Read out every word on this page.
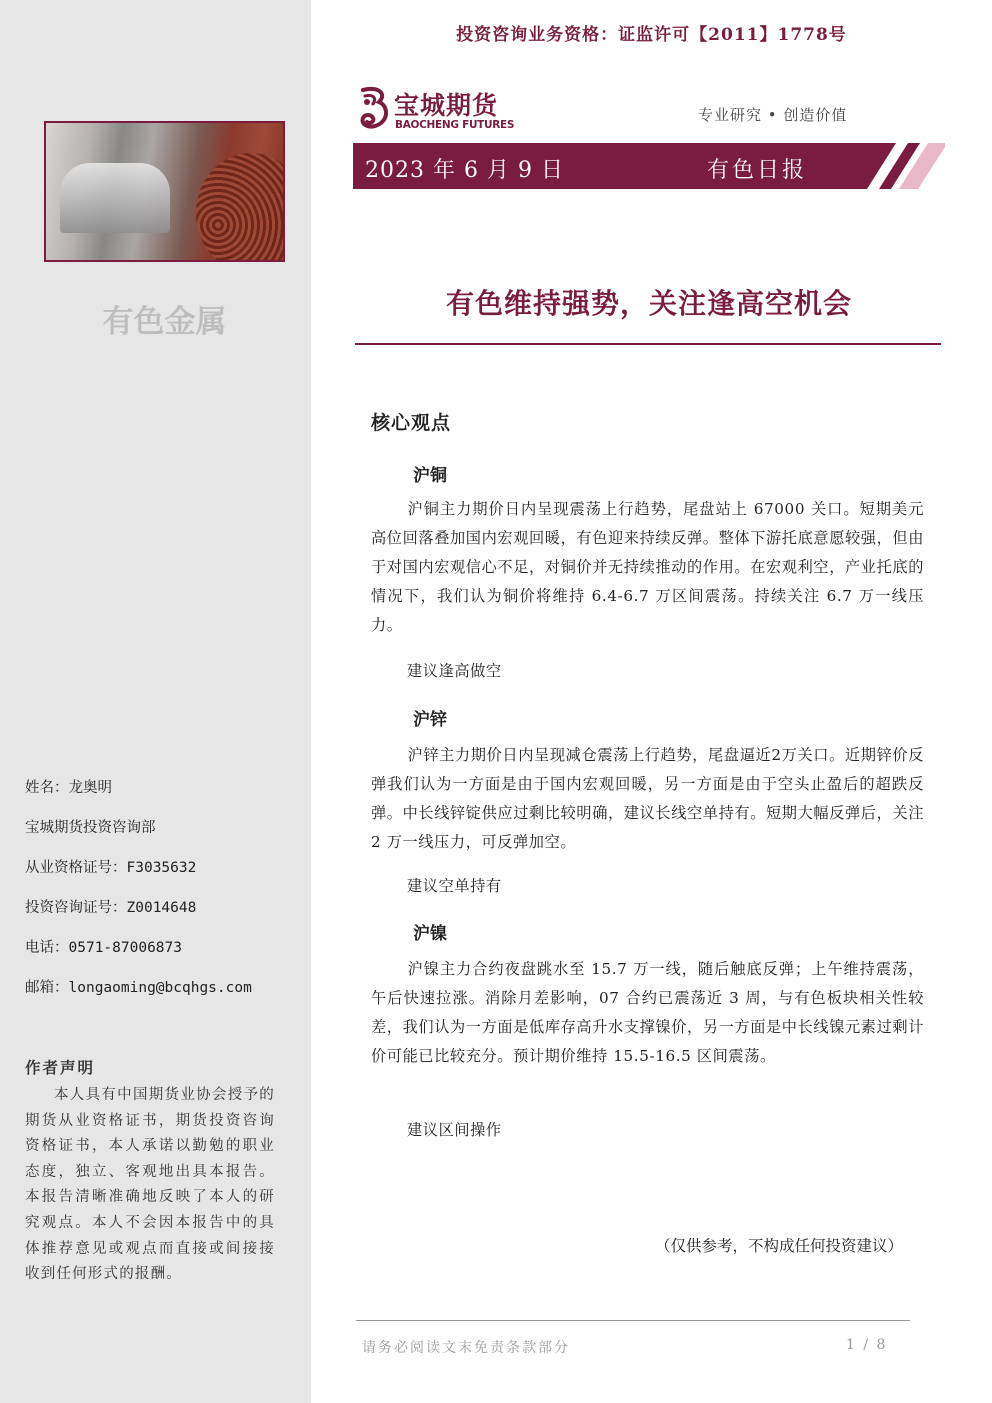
有色金属
姓名：龙奥明
宝城期货投资咨询部
从业资格证号：F3035632
投资咨询证号：Z0014648
电话：0571-87006873
邮箱：longaoming@bcqhgs.com
作者声明
本人具有中国期货业协会授予的期货从业资格证书，期货投资咨询资格证书，本人承诺以勤勉的职业态度，独立、客观地出具本报告。本报告清晰准确地反映了本人的研究观点。本人不会因本报告中的具体推荐意见或观点而直接或间接接收到任何形式的报酬。
投资咨询业务资格：证监许可【2011】1778号
宝城期货
BAOCHENG FUTURES
专业研究 • 创造价值
2023 年 6 月 9 日	有色日报
有色维持强势，关注逢高空机会
核心观点
沪铜
沪铜主力期价日内呈现震荡上行趋势，尾盘站上 67000 关口。短期美元高位回落叠加国内宏观回暖，有色迎来持续反弹。整体下游托底意愿较强，但由于对国内宏观信心不足，对铜价并无持续推动的作用。在宏观利空，产业托底的情况下，我们认为铜价将维持 6.4-6.7 万区间震荡。持续关注 6.7 万一线压力。
建议逢高做空
沪锌
沪锌主力期价日内呈现减仓震荡上行趋势，尾盘逼近2万关口。近期锌价反弹我们认为一方面是由于国内宏观回暖，另一方面是由于空头止盈后的超跌反弹。中长线锌锭供应过剩比较明确，建议长线空单持有。短期大幅反弹后，关注 2 万一线压力，可反弹加空。
建议空单持有
沪镍
沪镍主力合约夜盘跳水至 15.7 万一线，随后触底反弹；上午维持震荡，午后快速拉涨。消除月差影响，07 合约已震荡近 3 周，与有色板块相关性较差，我们认为一方面是低库存高升水支撑镍价，另一方面是中长线镍元素过剩计价可能已比较充分。预计期价维持 15.5-16.5 区间震荡。
建议区间操作
（仅供参考，不构成任何投资建议）
请务必阅读文末免责条款部分	1 / 8
